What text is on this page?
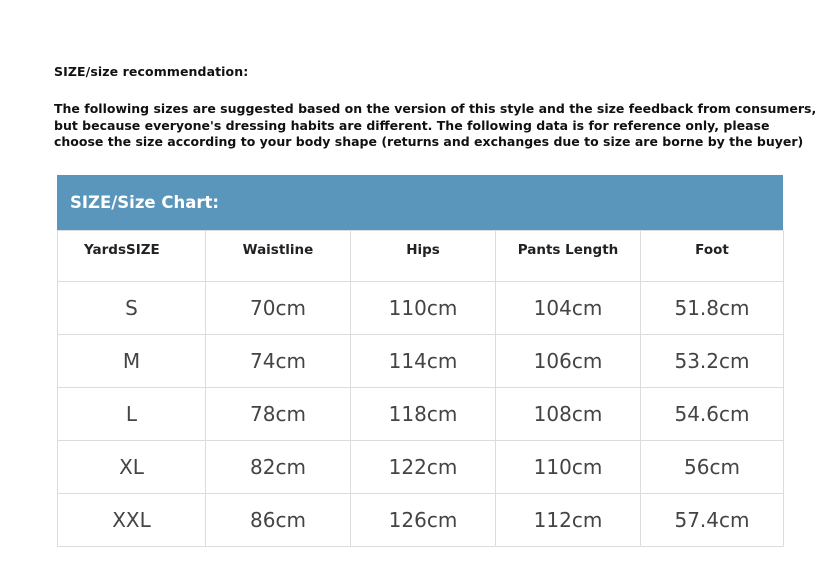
SIZE/size recommendation:
The following sizes are suggested based on the version of this style and the size feedback from consumers,
but because everyone's dressing habits are different. The following data is for reference only, please
choose the size according to your body shape (returns and exchanges due to size are borne by the buyer)
SIZE/Size Chart:
YardsSIZE	Waistline	Hips	Pants Length	Foot
S	70cm	110cm	104cm	51.8cm
M	74cm	114cm	106cm	53.2cm
L	78cm	118cm	108cm	54.6cm
XL	82cm	122cm	110cm	56cm
XXL	86cm	126cm	112cm	57.4cm
